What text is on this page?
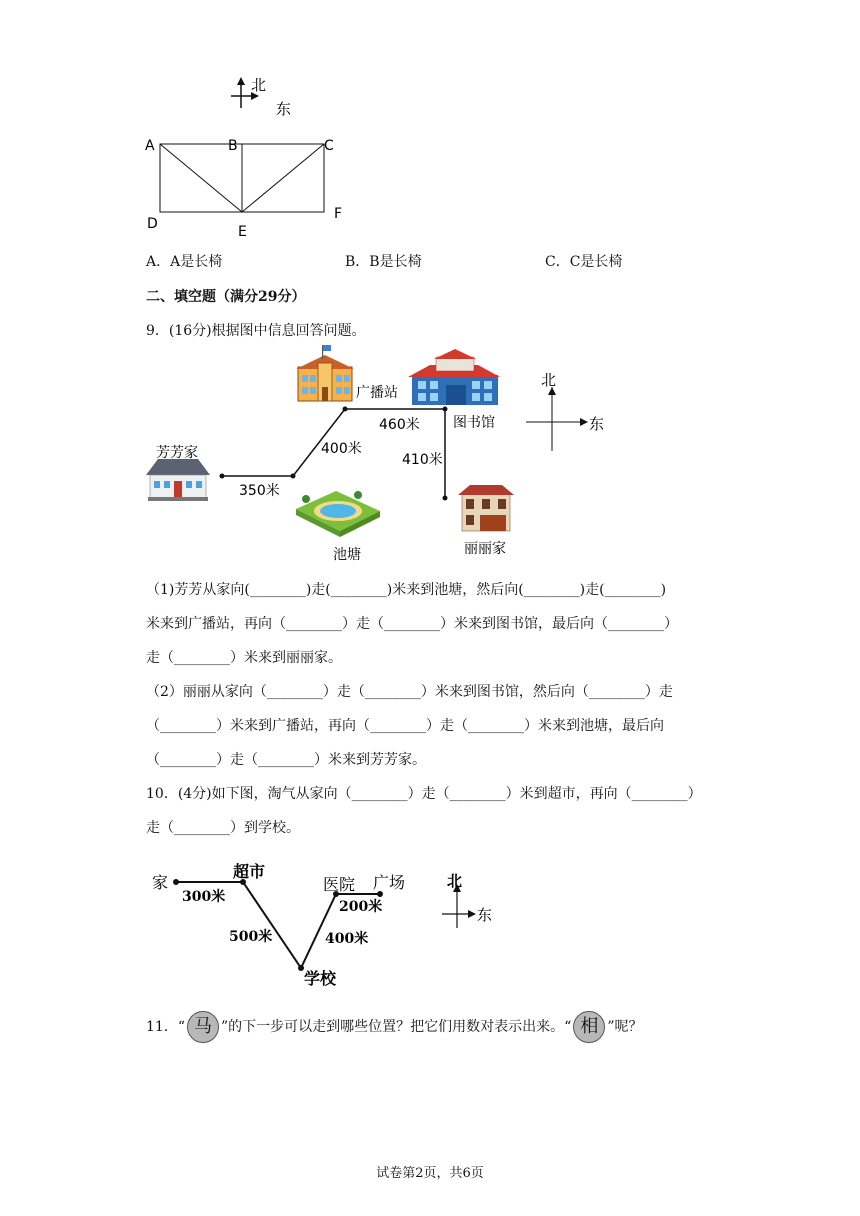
北
东
A	B	C
D	E
F
A．A是长椅	B．B是长椅	C．C是长椅
二、填空题（满分29分）
9．(16分)根据图中信息回答问题。
广播站
图书馆
芳芳家
池塘	丽丽家
350米
400米
460米
410米
北
东
（1)芳芳从家向(________)走(________)米来到池塘，然后向(________)走(________)
米来到广播站，再向（________）走（________）米来到图书馆，最后向（________）
走（________）米来到丽丽家。
（2）丽丽从家向（________）走（________）米来到图书馆，然后向（________）走
（________）米来到广播站，再向（________）走（________）米来到池塘，最后向
（________）走（________）米来到芳芳家。
10．(4分)如下图，淘气从家向（________）走（________）米到超市，再向（________）
走（________）到学校。
家
超市
医院 广场
学校
300米
500米	400米
200米
北
东
11．“ 马 ”的下一步可以走到哪些位置？把它们用数对表示出来。“ 相 ”呢？
试卷第2页，共6页
